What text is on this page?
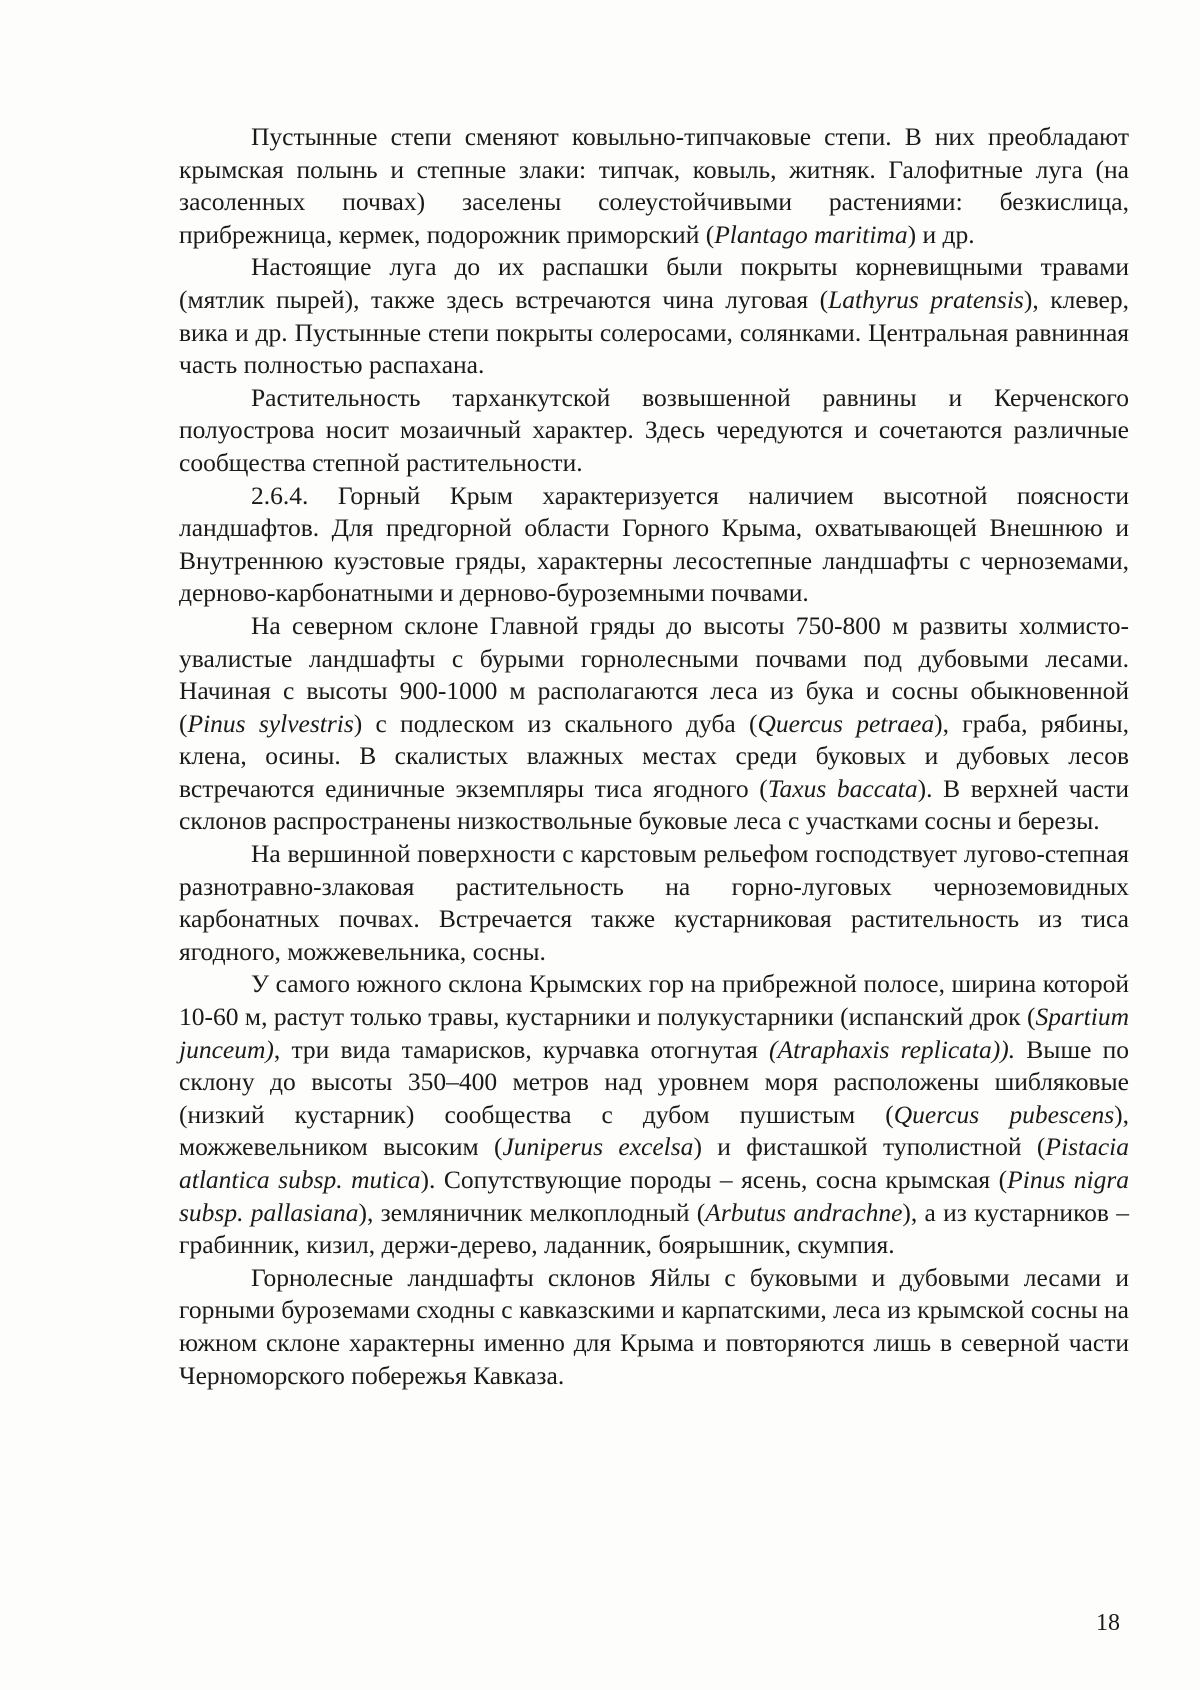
Пустынные степи сменяют ковыльно-типчаковые степи. В них преобладают крымская полынь и степные злаки: типчак, ковыль, житняк. Галофитные луга (на засоленных почвах) заселены солеустойчивыми растениями: безкислица, прибрежница, кермек, подорожник приморский (Plantago maritima) и др.

Настоящие луга до их распашки были покрыты корневищными травами (мятлик пырей), также здесь встречаются чина луговая (Lathyrus pratensis), клевер, вика и др. Пустынные степи покрыты солеросами, солянками. Центральная равнинная часть полностью распахана.

Растительность тарханкутской возвышенной равнины и Керченского полуострова носит мозаичный характер. Здесь чередуются и сочетаются различные сообщества степной растительности.

2.6.4. Горный Крым характеризуется наличием высотной поясности ландшафтов. Для предгорной области Горного Крыма, охватывающей Внешнюю и Внутреннюю куэстовые гряды, характерны лесостепные ландшафты с черноземами, дерново-карбонатными и дерново-буроземными почвами.

На северном склоне Главной гряды до высоты 750-800 м развиты холмисто-увалистые ландшафты с бурыми горнолесными почвами под дубовыми лесами. Начиная с высоты 900-1000 м располагаются леса из бука и сосны обыкновенной (Pinus sylvestris) с подлеском из скального дуба (Quercus petraea), граба, рябины, клена, осины. В скалистых влажных местах среди буковых и дубовых лесов встречаются единичные экземпляры тиса ягодного (Taxus baccata). В верхней части склонов распространены низкоствольные буковые леса с участками сосны и березы.

На вершинной поверхности с карстовым рельефом господствует лугово-степная разнотравно-злаковая растительность на горно-луговых черноземовидных карбонатных почвах. Встречается также кустарниковая растительность из тиса ягодного, можжевельника, сосны.

У самого южного склона Крымских гор на прибрежной полосе, ширина которой 10-60 м, растут только травы, кустарники и полукустарники (испанский дрок (Spartium junceum), три вида тамарисков, курчавка отогнутая (Atraphaxis replicata)). Выше по склону до высоты 350–400 метров над уровнем моря расположены шибляковые (низкий кустарник) сообщества с дубом пушистым (Quercus pubescens), можжевельником высоким (Juniperus excelsa) и фисташкой туполистной (Pistacia atlantica subsp. mutica). Сопутствующие породы – ясень, сосна крымская (Pinus nigra subsp. pallasiana), земляничник мелкоплодный (Arbutus andrachne), а из кустарников – грабинник, кизил, держи-дерево, ладанник, боярышник, скумпия.

Горнолесные ландшафты склонов Яйлы с буковыми и дубовыми лесами и горными буроземами сходны с кавказскими и карпатскими, леса из крымской сосны на южном склоне характерны именно для Крыма и повторяются лишь в северной части Черноморского побережья Кавказа.

18
